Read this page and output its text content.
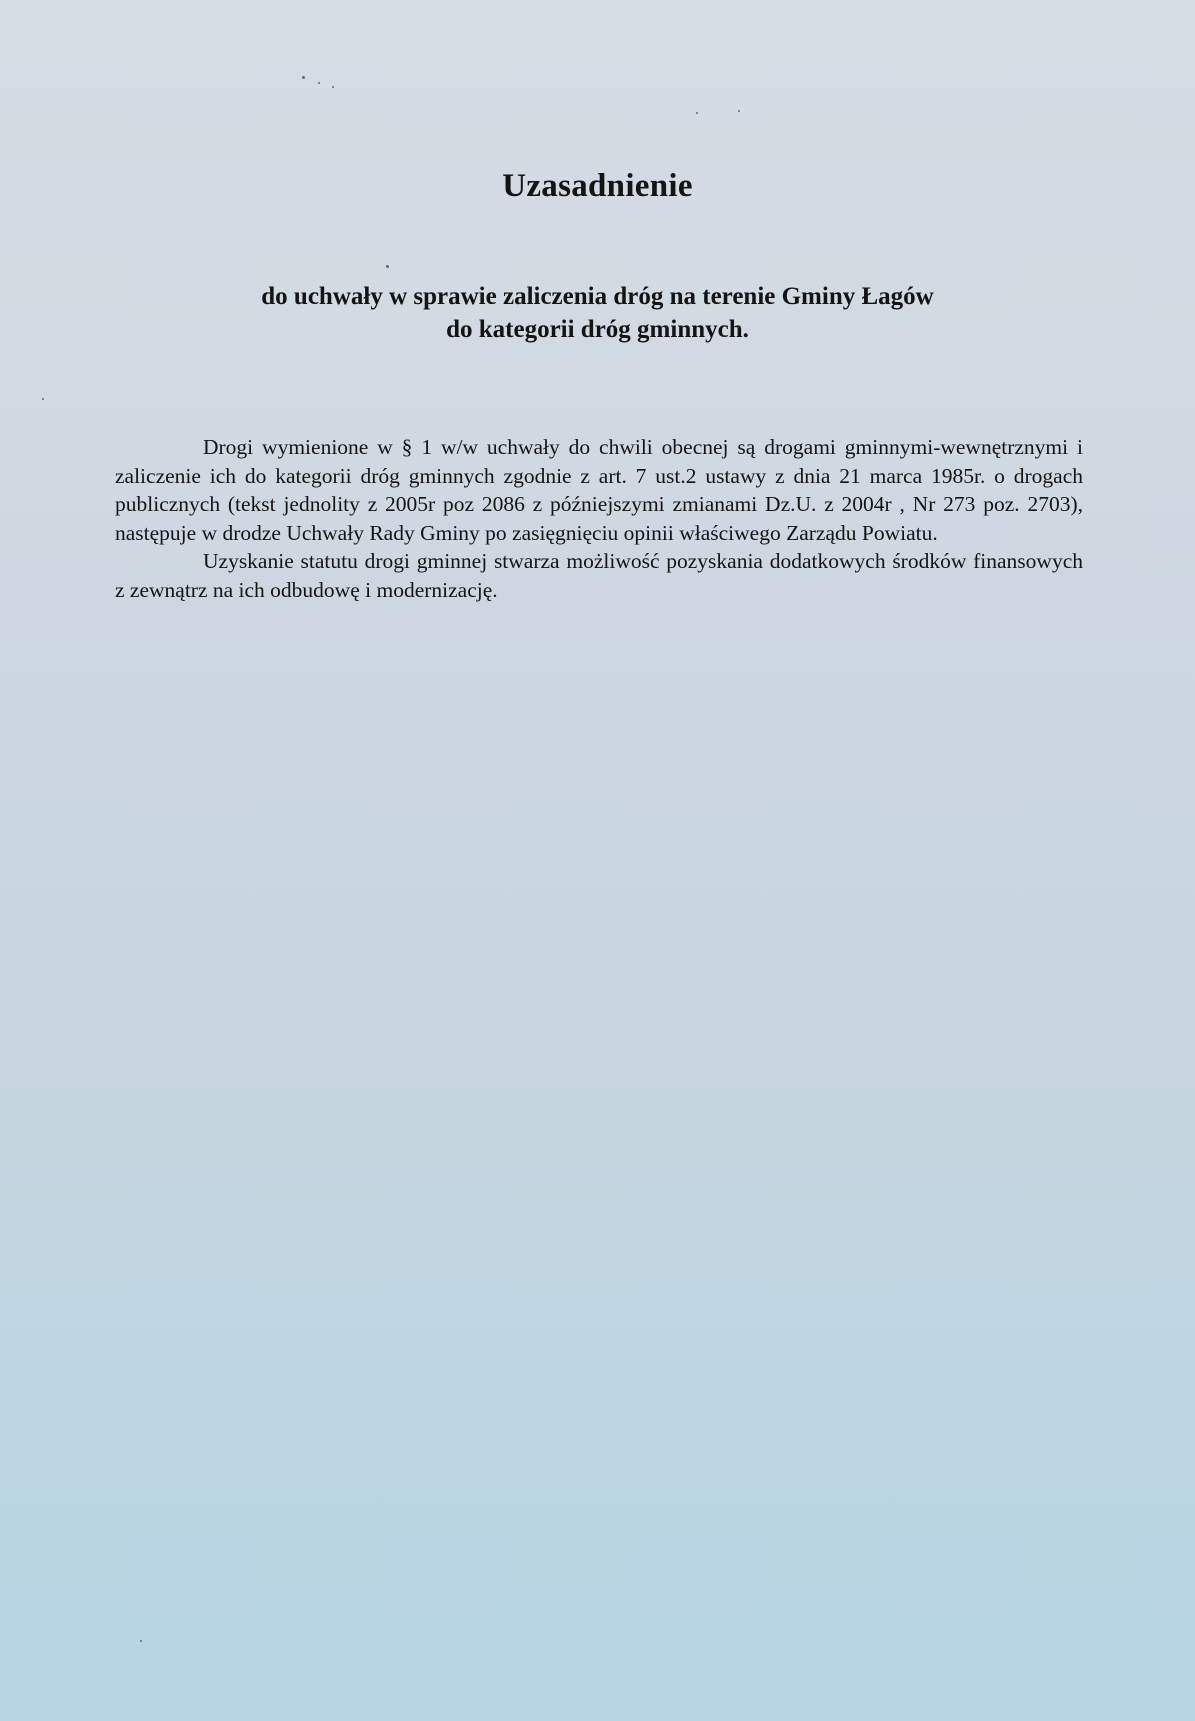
Uzasadnienie
do uchwały w sprawie zaliczenia dróg na terenie Gminy Łagów
do kategorii dróg gminnych.

Drogi wymienione w § 1 w/w uchwały do chwili obecnej są drogami gminnymi-wewnętrznymi i zaliczenie ich do kategorii dróg gminnych zgodnie z art. 7 ust.2 ustawy z dnia 21 marca 1985r. o drogach publicznych (tekst jednolity z 2005r poz 2086 z późniejszymi zmianami Dz.U. z 2004r , Nr 273 poz. 2703), następuje w drodze Uchwały Rady Gminy po zasięgnięciu opinii właściwego Zarządu Powiatu.

Uzyskanie statutu drogi gminnej stwarza możliwość pozyskania dodatkowych środków finansowych z zewnątrz na ich odbudowę i modernizację.
